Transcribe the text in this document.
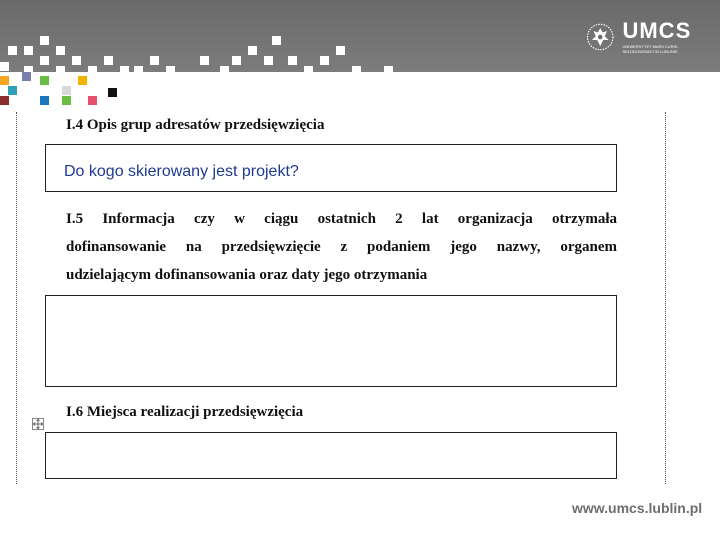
UMCS
UNIWERSYTET MARII CURIE-SKŁODOWSKIEJ W LUBLINIE
I.4 Opis grup adresatów przedsięwzięcia
Do kogo skierowany jest projekt?
I.5 Informacja czy w ciągu ostatnich 2 lat organizacja otrzymała
dofinansowanie na przedsięwzięcie z podaniem jego nazwy, organem
udzielającym dofinansowania oraz daty jego otrzymania
I.6 Miejsca realizacji przedsięwzięcia
www.umcs.lublin.pl
